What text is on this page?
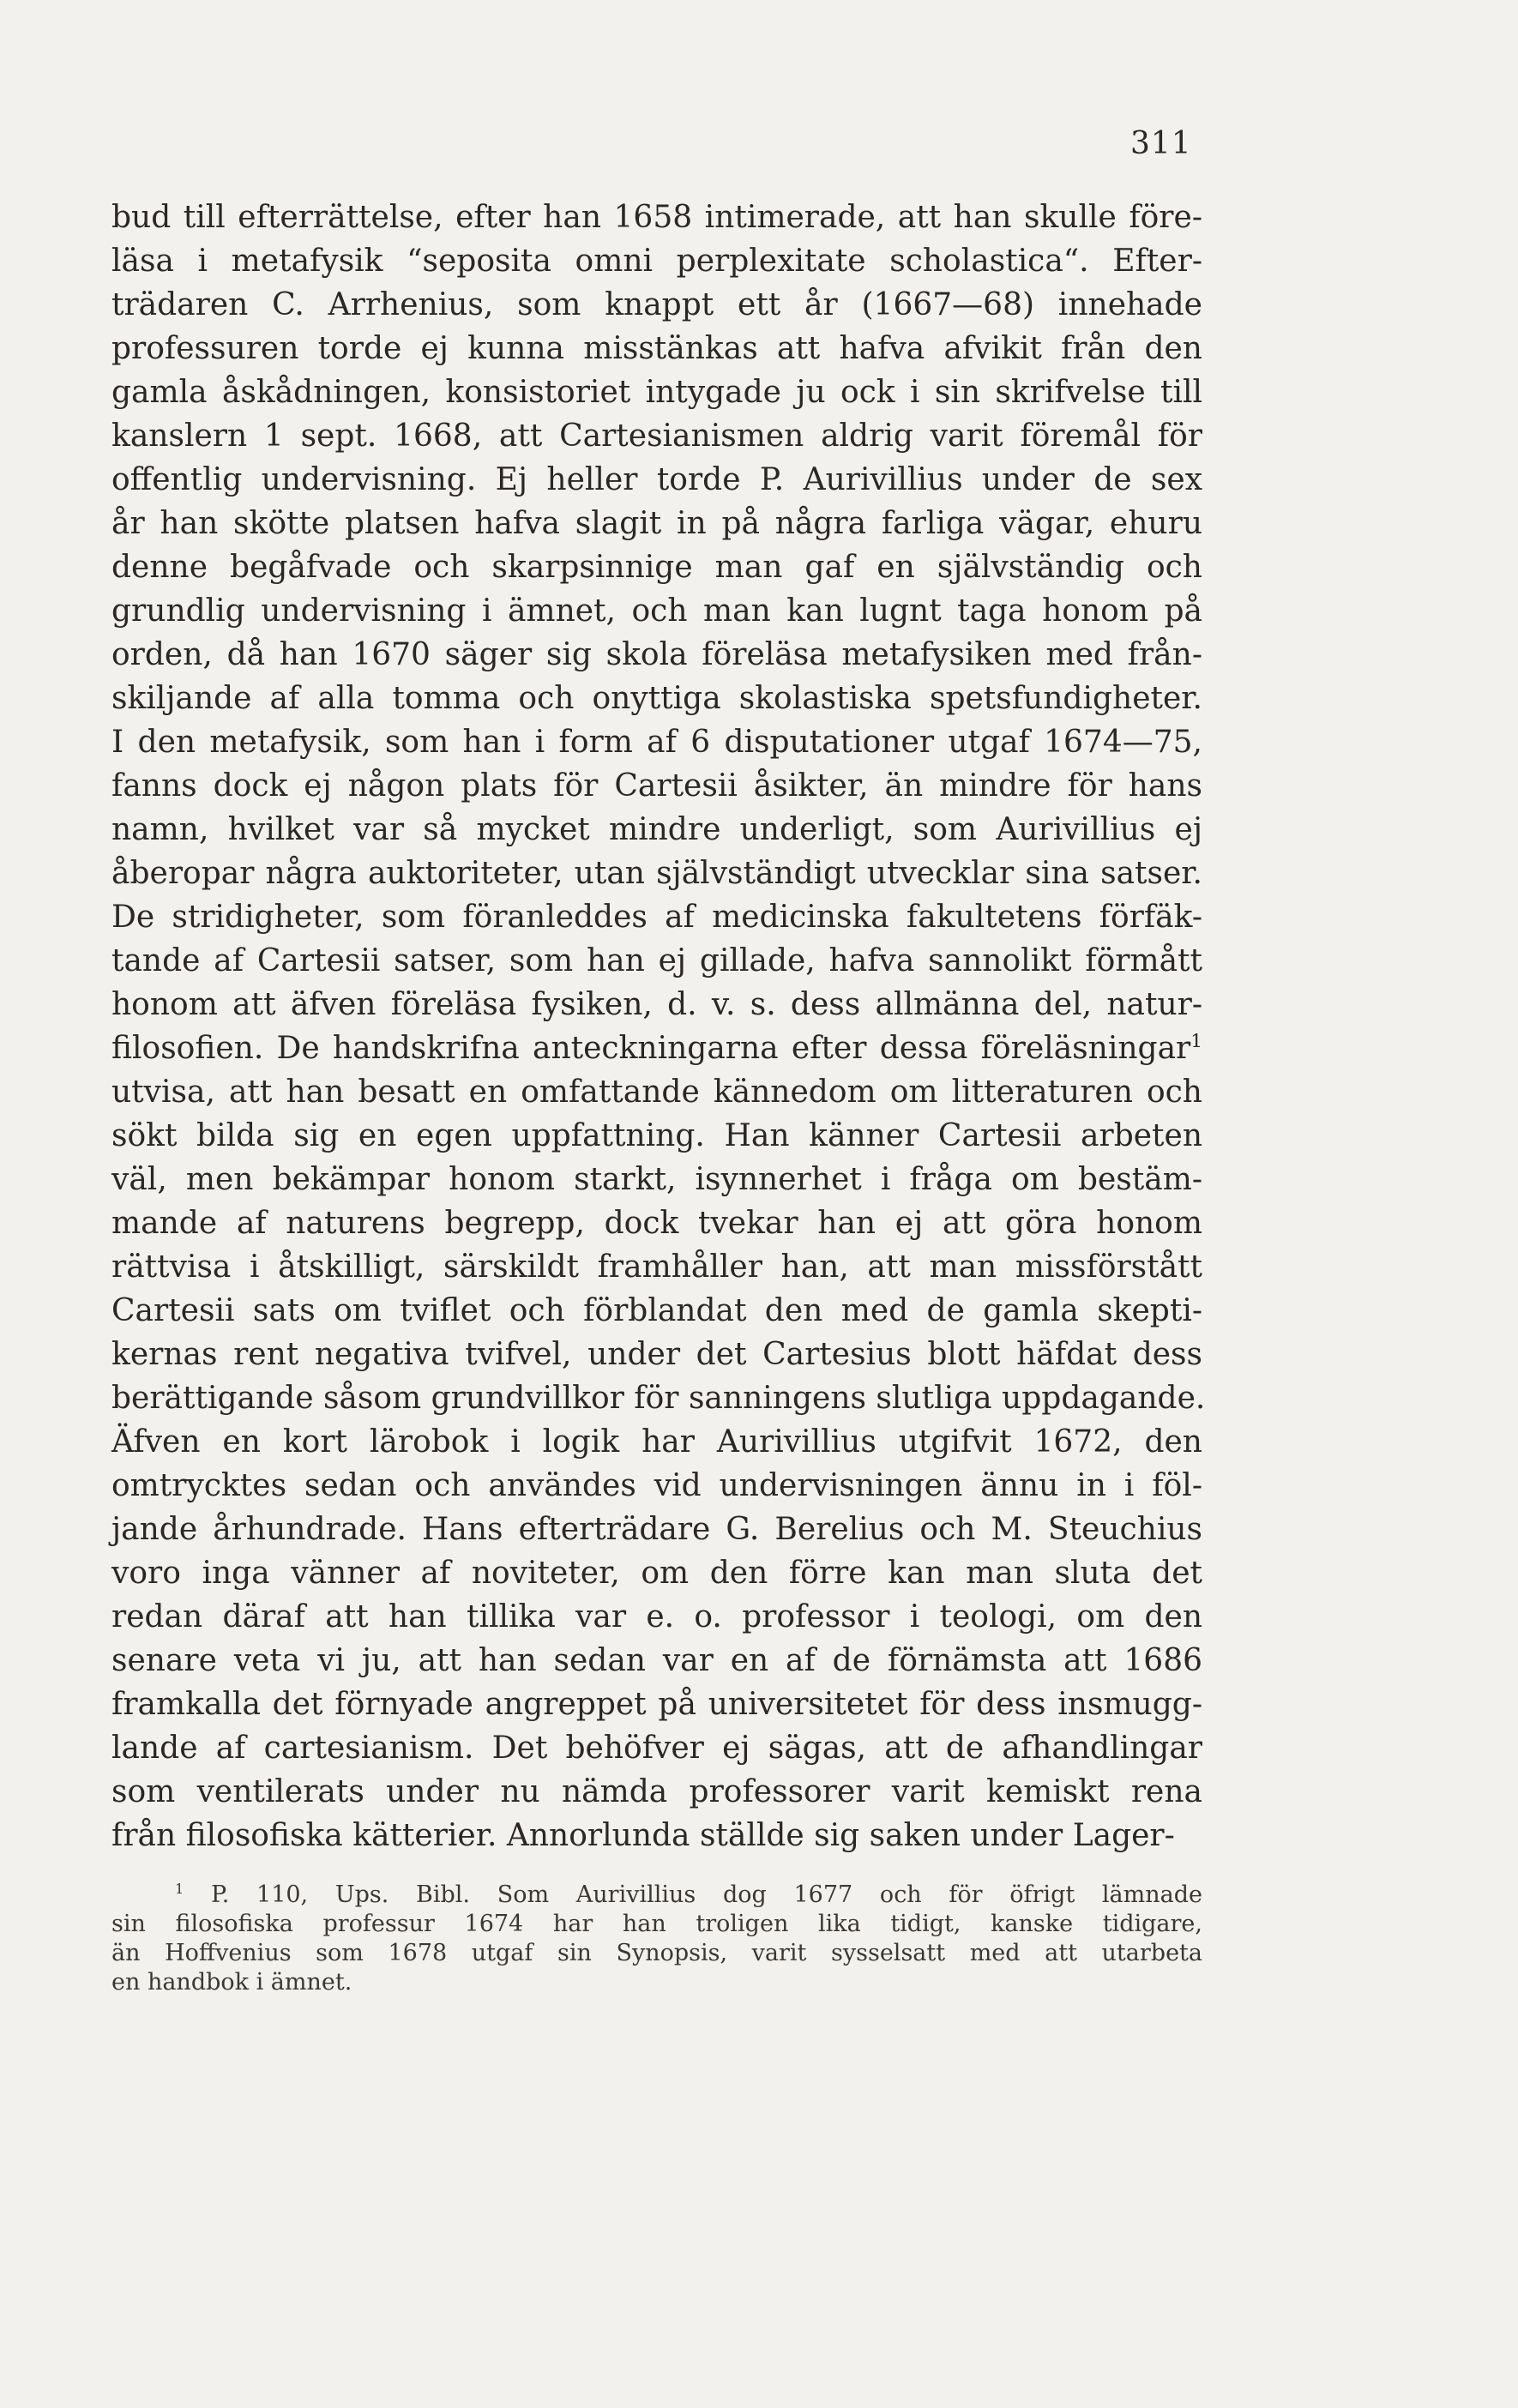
311
bud till efterrättelse, efter han 1658 intimerade, att han skulle före-
läsa i metafysik “seposita omni perplexitate scholastica“. Efter-
trädaren C. Arrhenius, som knappt ett år (1667—68) innehade
professuren torde ej kunna misstänkas att hafva afvikit från den
gamla åskådningen, konsistoriet intygade ju ock i sin skrifvelse till
kanslern 1 sept. 1668, att Cartesianismen aldrig varit föremål för
offentlig undervisning. Ej heller torde P. Aurivillius under de sex
år han skötte platsen hafva slagit in på några farliga vägar, ehuru
denne begåfvade och skarpsinnige man gaf en självständig och
grundlig undervisning i ämnet, och man kan lugnt taga honom på
orden, då han 1670 säger sig skola föreläsa metafysiken med från-
skiljande af alla tomma och onyttiga skolastiska spetsfundigheter.
I den metafysik, som han i form af 6 disputationer utgaf 1674—75,
fanns dock ej någon plats för Cartesii åsikter, än mindre för hans
namn, hvilket var så mycket mindre underligt, som Aurivillius ej
åberopar några auktoriteter, utan självständigt utvecklar sina satser.
De stridigheter, som föranleddes af medicinska fakultetens förfäk-
tande af Cartesii satser, som han ej gillade, hafva sannolikt förmått
honom att äfven föreläsa fysiken, d. v. s. dess allmänna del, natur-
filosofien. De handskrifna anteckningarna efter dessa föreläsningar$^1$
utvisa, att han besatt en omfattande kännedom om litteraturen och
sökt bilda sig en egen uppfattning. Han känner Cartesii arbeten
väl, men bekämpar honom starkt, isynnerhet i fråga om bestäm-
mande af naturens begrepp, dock tvekar han ej att göra honom
rättvisa i åtskilligt, särskildt framhåller han, att man missförstått
Cartesii sats om tviflet och förblandat den med de gamla skepti-
kernas rent negativa tvifvel, under det Cartesius blott häfdat dess
berättigande såsom grundvillkor för sanningens slutliga uppdagande.
Äfven en kort lärobok i logik har Aurivillius utgifvit 1672, den
omtrycktes sedan och användes vid undervisningen ännu in i föl-
jande århundrade. Hans efterträdare G. Berelius och M. Steuchius
voro inga vänner af noviteter, om den förre kan man sluta det
redan däraf att han tillika var e. o. professor i teologi, om den
senare veta vi ju, att han sedan var en af de förnämsta att 1686
framkalla det förnyade angreppet på universitetet för dess insmugg-
lande af cartesianism. Det behöfver ej sägas, att de afhandlingar
som ventilerats under nu nämda professorer varit kemiskt rena
från filosofiska kätterier. Annorlunda ställde sig saken under Lager-
$^1$ P. 110, Ups. Bibl. Som Aurivillius dog 1677 och för öfrigt lämnade
sin filosofiska professur 1674 har han troligen lika tidigt, kanske tidigare,
än Hoffvenius som 1678 utgaf sin Synopsis, varit sysselsatt med att utarbeta
en handbok i ämnet.
